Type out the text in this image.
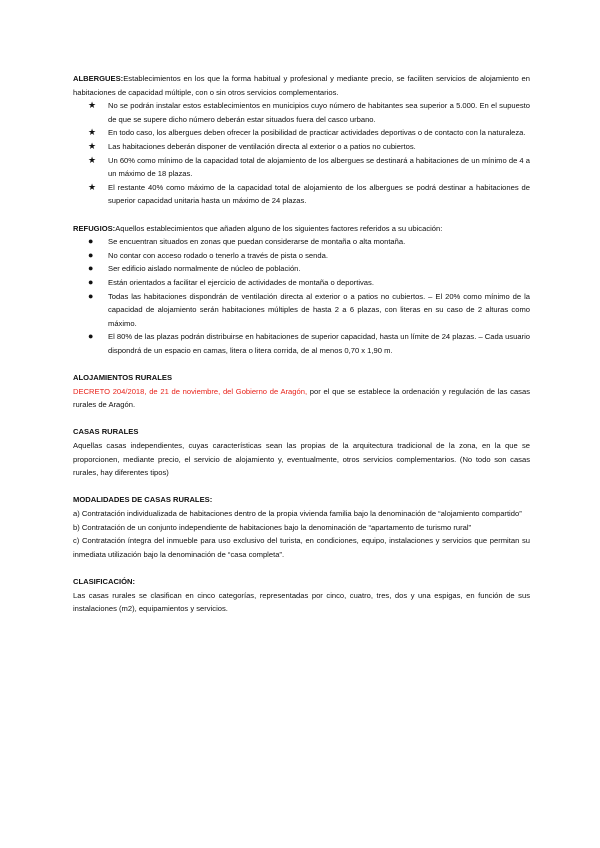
ALBERGUES:Establecimientos en los que la forma habitual y profesional y mediante precio, se faciliten servicios de alojamiento en habitaciones de capacidad múltiple, con o sin otros servicios complementarios.

★ No se podrán instalar estos establecimientos en municipios cuyo número de habitantes sea superior a 5.000. En el supuesto de que se supere dicho número deberán estar situados fuera del casco urbano.
★ En todo caso, los albergues deben ofrecer la posibilidad de practicar actividades deportivas o de contacto con la naturaleza.
★ Las habitaciones deberán disponer de ventilación directa al exterior o a patios no cubiertos.
★ Un 60% como mínimo de la capacidad total de alojamiento de los albergues se destinará a habitaciones de un mínimo de 4 a un máximo de 18 plazas.
★ El restante 40% como máximo de la capacidad total de alojamiento de los albergues se podrá destinar a habitaciones de superior capacidad unitaria hasta un máximo de 24 plazas.

REFUGIOS:Aquellos establecimientos que añaden alguno de los siguientes factores referidos a su ubicación:

● Se encuentran situados en zonas que puedan considerarse de montaña o alta montaña.
● No contar con acceso rodado o tenerlo a través de pista o senda.
● Ser edificio aislado normalmente de núcleo de población.
● Están orientados a facilitar el ejercicio de actividades de montaña o deportivas.
● Todas las habitaciones dispondrán de ventilación directa al exterior o a patios no cubiertos. – El 20% como mínimo de la capacidad de alojamiento serán habitaciones múltiples de hasta 2 a 6 plazas, con literas en su caso de 2 alturas como máximo.
● El 80% de las plazas podrán distribuirse en habitaciones de superior capacidad, hasta un límite de 24 plazas. – Cada usuario dispondrá de un espacio en camas, litera o litera corrida, de al menos 0,70 x 1,90 m.

ALOJAMIENTOS RURALES

DECRETO 204/2018, de 21 de noviembre, del Gobierno de Aragón, por el que se establece la ordenación y regulación de las casas rurales de Aragón.

CASAS RURALES

Aquellas casas independientes, cuyas características sean las propias de la arquitectura tradicional de la zona, en la que se proporcionen, mediante precio, el servicio de alojamiento y, eventualmente, otros servicios complementarios. (No todo son casas rurales, hay diferentes tipos)

MODALIDADES DE CASAS RURALES:

a) Contratación individualizada de habitaciones dentro de la propia vivienda familia bajo la denominación de “alojamiento compartido”

b) Contratación de un conjunto independiente de habitaciones bajo la denominación de “apartamento de turismo rural”

c) Contratación íntegra del inmueble para uso exclusivo del turista, en condiciones, equipo, instalaciones y servicios que permitan su inmediata utilización bajo la denominación de “casa completa”.

CLASIFICACIÓN:

Las casas rurales se clasifican en cinco categorías, representadas por cinco, cuatro, tres, dos y una espigas, en función de sus instalaciones (m2), equipamientos y servicios.
